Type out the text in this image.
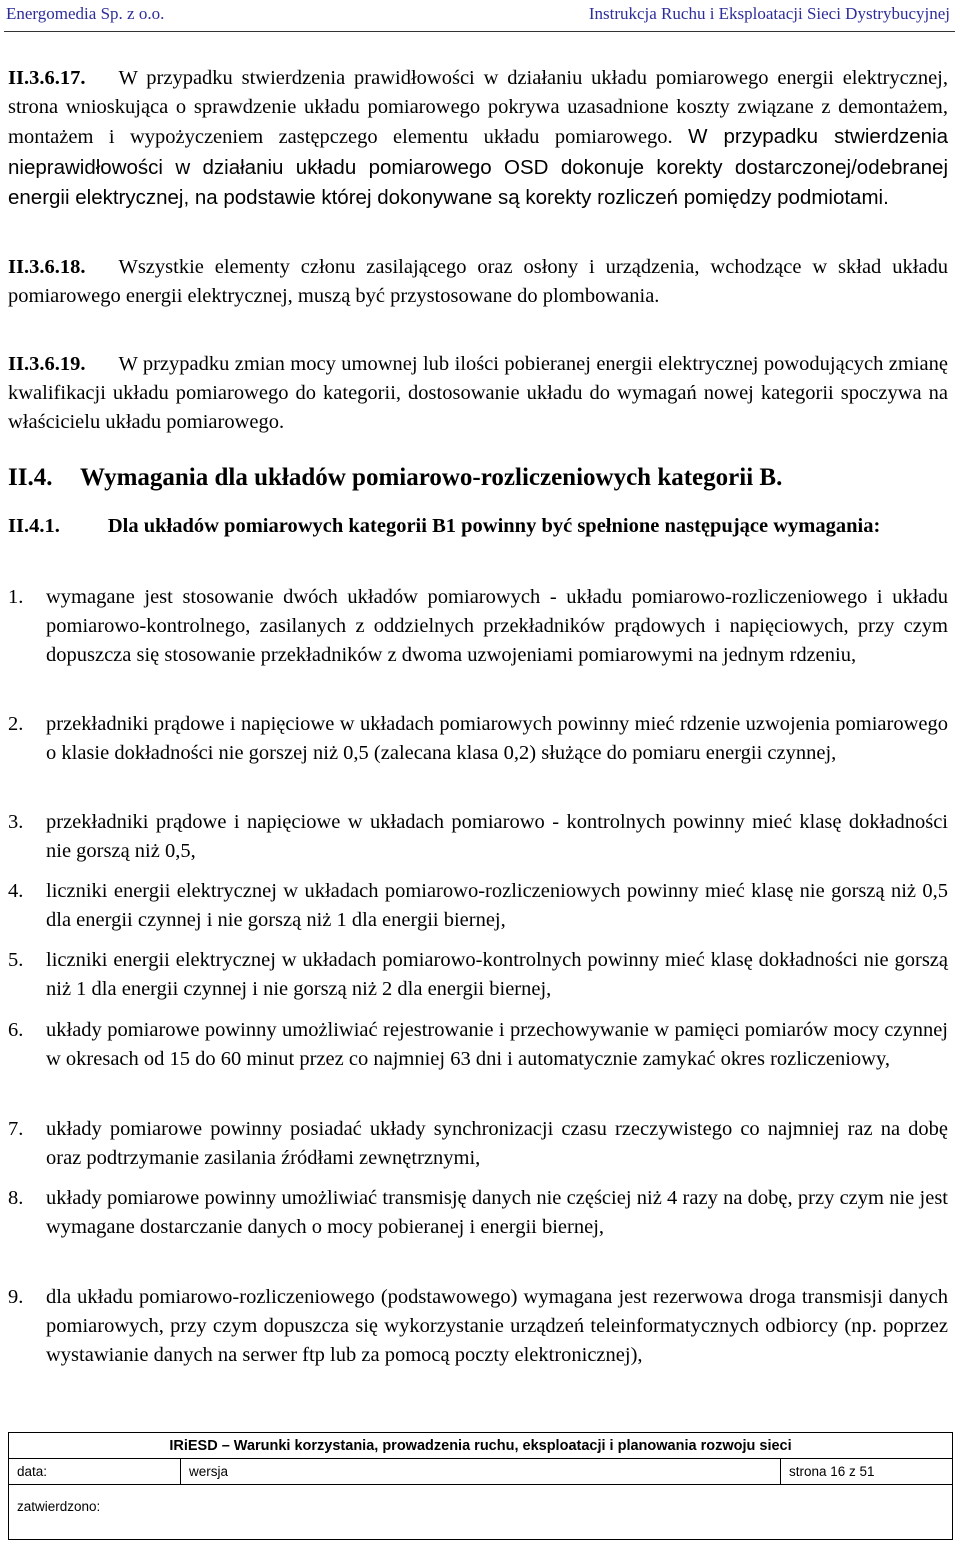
Energomedia Sp. z o.o.	Instrukcja Ruchu i Eksploatacji Sieci Dystrybucyjnej
II.3.6.17. W przypadku stwierdzenia prawidłowości w działaniu układu pomiarowego energii elektrycznej, strona wnioskująca o sprawdzenie układu pomiarowego pokrywa uzasadnione koszty związane z demontażem, montażem i wypożyczeniem zastępczego elementu układu pomiarowego. W przypadku stwierdzenia nieprawidłowości w działaniu układu pomiarowego OSD dokonuje korekty dostarczonej/odebranej energii elektrycznej, na podstawie której dokonywane są korekty rozliczeń pomiędzy podmiotami.
II.3.6.18. Wszystkie elementy członu zasilającego oraz osłony i urządzenia, wchodzące w skład układu pomiarowego energii elektrycznej, muszą być przystosowane do plombowania.
II.3.6.19. W przypadku zmian mocy umownej lub ilości pobieranej energii elektrycznej powodujących zmianę kwalifikacji układu pomiarowego do kategorii, dostosowanie układu do wymagań nowej kategorii spoczywa na właścicielu układu pomiarowego.
II.4. Wymagania dla układów pomiarowo-rozliczeniowych kategorii B.
II.4.1. Dla układów pomiarowych kategorii B1 powinny być spełnione następujące wymagania:
1.	wymagane jest stosowanie dwóch układów pomiarowych - układu pomiarowo-rozliczeniowego i układu pomiarowo-kontrolnego, zasilanych z oddzielnych przekładników prądowych i napięciowych, przy czym dopuszcza się stosowanie przekładników z dwoma uzwojeniami pomiarowymi na jednym rdzeniu,
2.	przekładniki prądowe i napięciowe w układach pomiarowych powinny mieć rdzenie uzwojenia pomiarowego o klasie dokładności nie gorszej niż 0,5 (zalecana klasa 0,2) służące do pomiaru energii czynnej,
3.	przekładniki prądowe i napięciowe w układach pomiarowo - kontrolnych powinny mieć klasę dokładności nie gorszą niż 0,5,
4.	liczniki energii elektrycznej w układach pomiarowo-rozliczeniowych powinny mieć klasę nie gorszą niż 0,5 dla energii czynnej i nie gorszą niż 1 dla energii biernej,
5.	liczniki energii elektrycznej w układach pomiarowo-kontrolnych powinny mieć klasę dokładności nie gorszą niż 1 dla energii czynnej i nie gorszą niż 2 dla energii biernej,
6.	układy pomiarowe powinny umożliwiać rejestrowanie i przechowywanie w pamięci pomiarów mocy czynnej w okresach od 15 do 60 minut przez co najmniej 63 dni i automatycznie zamykać okres rozliczeniowy,
7.	układy pomiarowe powinny posiadać układy synchronizacji czasu rzeczywistego co najmniej raz na dobę oraz podtrzymanie zasilania źródłami zewnętrznymi,
8.	układy pomiarowe powinny umożliwiać transmisję danych nie częściej niż 4 razy na dobę, przy czym nie jest wymagane dostarczanie danych o mocy pobieranej i energii biernej,
9.	dla układu pomiarowo-rozliczeniowego (podstawowego) wymagana jest rezerwowa droga transmisji danych pomiarowych, przy czym dopuszcza się wykorzystanie urządzeń teleinformatycznych odbiorcy (np. poprzez wystawianie danych na serwer ftp lub za pomocą poczty elektronicznej),
IRiESD – Warunki korzystania, prowadzenia ruchu, eksploatacji i planowania rozwoju sieci
data:	wersja	strona 16 z 51
zatwierdzono:
